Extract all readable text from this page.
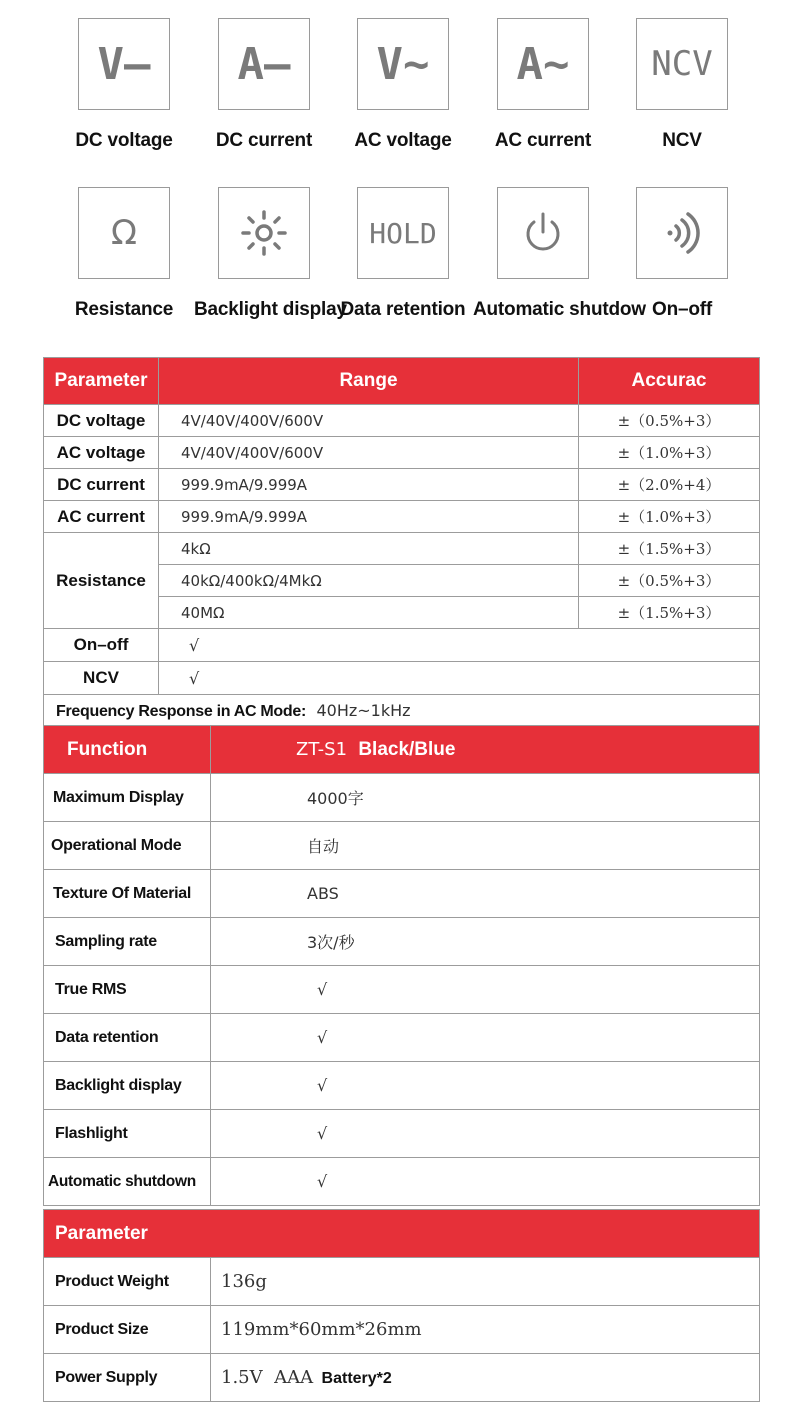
V–
DC voltage
A–
DC current
V~
AC voltage
A~
AC current
NCV
NCV
Ω
Resistance	Backlight display
HOLD
Data retention Automatic shutdow On–off
Parameter	Range	Accurac
DC voltage	4V/40V/400V/600V	±（0.5%+3）
AC voltage	4V/40V/400V/600V	±（1.0%+3）
DC current	999.9mA/9.999A	±（2.0%+4）
AC current	999.9mA/9.999A	±（1.0%+3）
Resistance	4kΩ	±（1.5%+3）
	40kΩ/400kΩ/4MkΩ	±（0.5%+3）
	40MΩ	±（1.5%+3）
On–off	√	
NCV	√	
Frequency Response in AC Mode: 40Hz~1kHz		
Function	ZT-S1 Black/Blue
Maximum Display	4000字
Operational Mode	自动
Texture Of Material	ABS
Sampling rate	3次/秒
True RMS	√
Data retention	√
Backlight display	√
Flashlight	√
Automatic shutdown	√
Parameter	
Product Weight	136g
Product Size	119mm*60mm*26mm
Power Supply	1.5V  AAA Battery*2
